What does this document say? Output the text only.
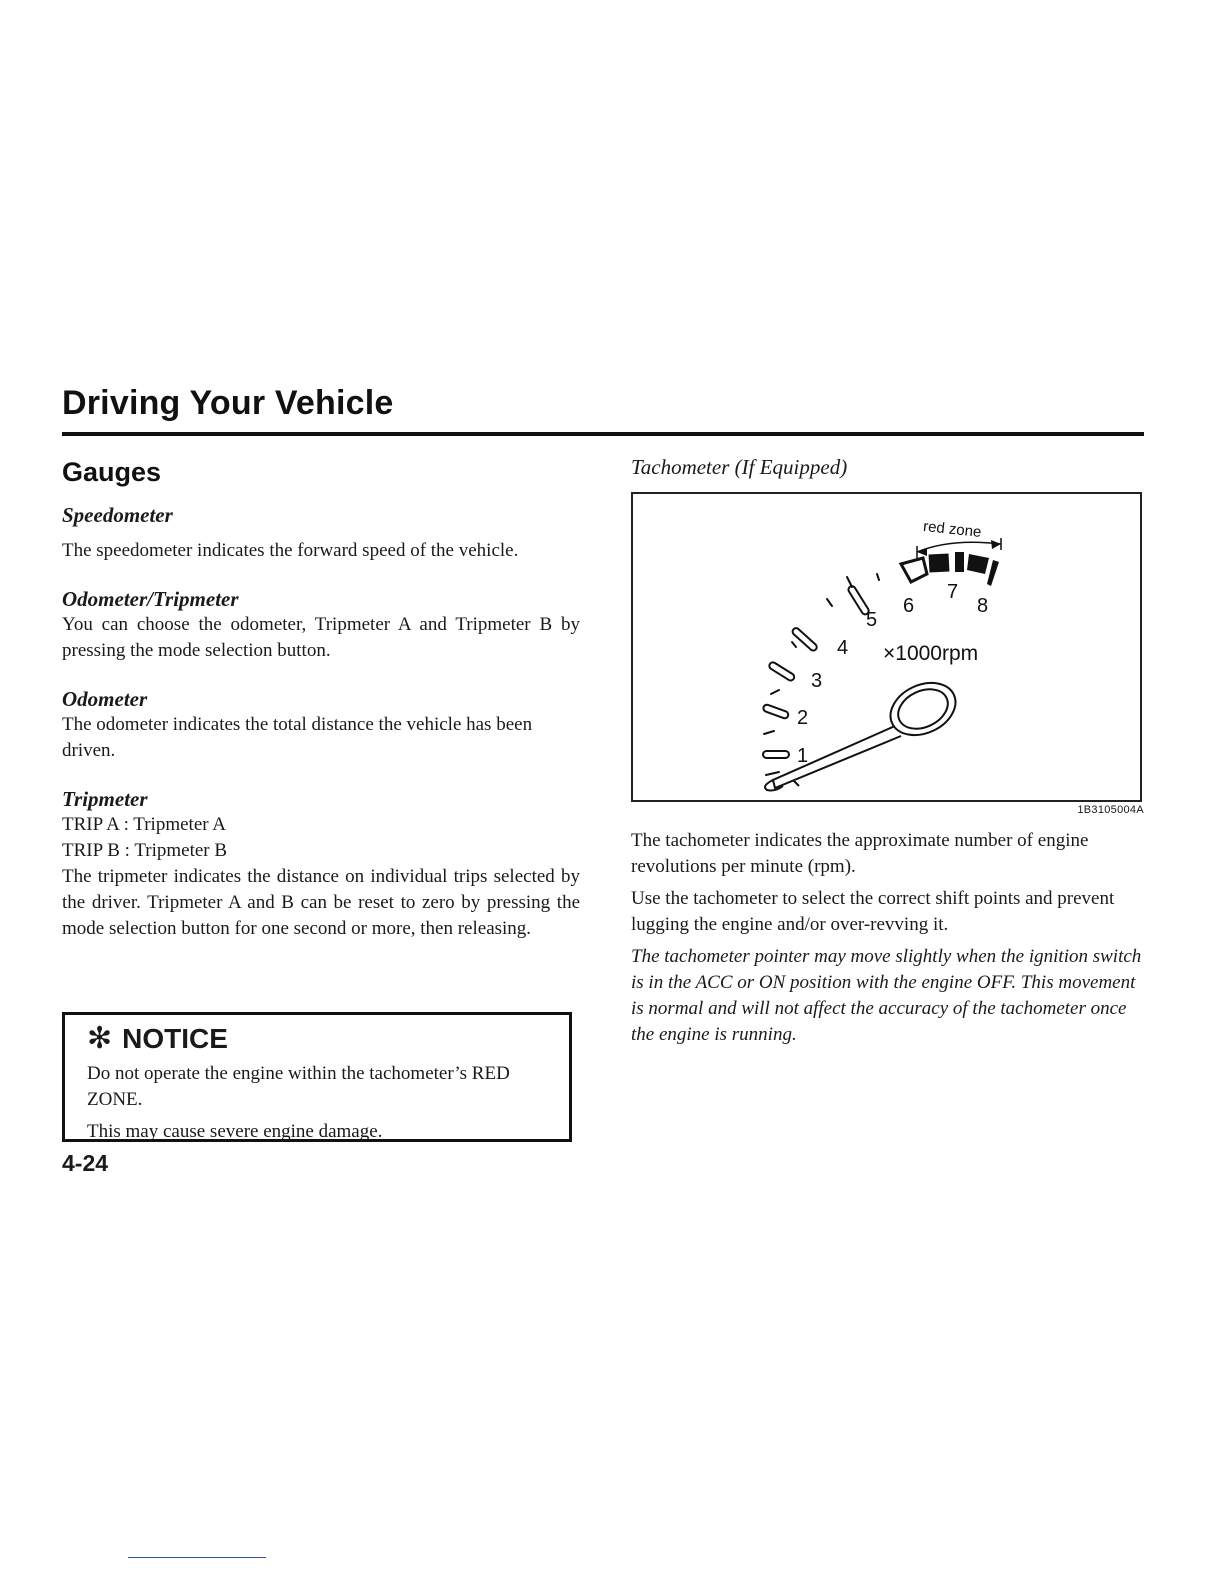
Driving Your Vehicle
Gauges
Speedometer

The speedometer indicates the forward speed of the vehicle.

Odometer/Tripmeter

You can choose the odometer, Tripmeter A and Tripmeter B by pressing the mode selection button.

Odometer

The odometer indicates the total distance the vehicle has been driven.

Tripmeter

TRIP A : Tripmeter A

TRIP B : Tripmeter B

The tripmeter indicates the distance on individual trips selected by the driver. Tripmeter A and B can be reset to zero by pressing the mode selection button for one second or more, then releasing.

✻ NOTICE

Do not operate the engine within the tachometer’s RED ZONE.

This may cause severe engine damage.

4-24
Tachometer (If Equipped)
red zone
1
2
3
4
5
6
7
8
×1000rpm
1B3105004A

The tachometer indicates the approximate number of engine revolutions per minute (rpm).

Use the tachometer to select the correct shift points and prevent lugging the engine and/or over-revving it.

The tachometer pointer may move slightly when the ignition switch is in the ACC or ON position with the engine OFF. This movement is normal and will not affect the accuracy of the tachometer once the engine is running.
